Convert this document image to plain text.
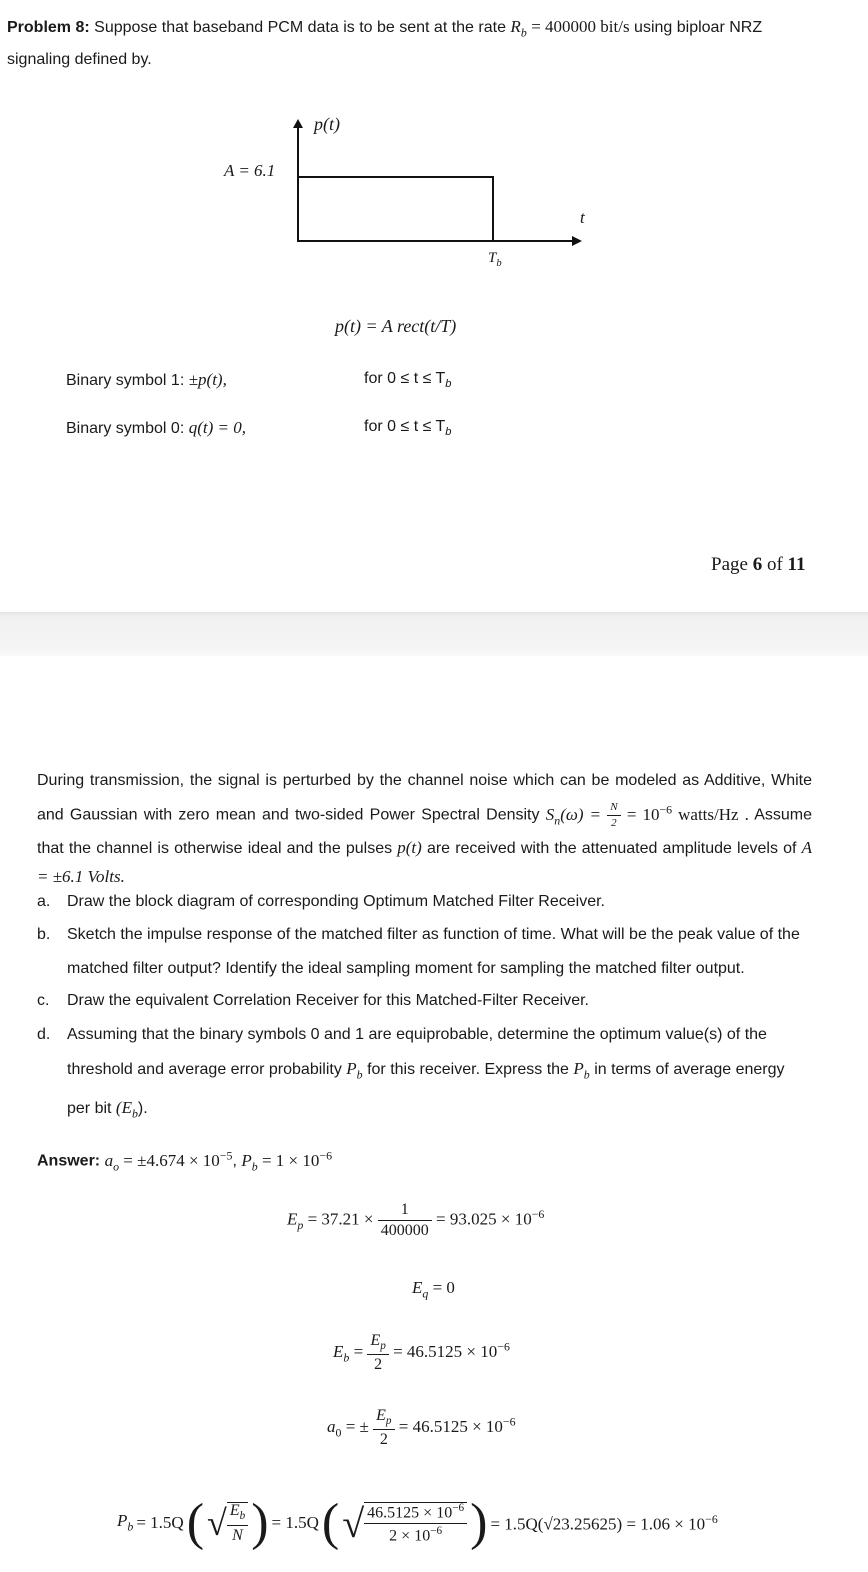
Problem 8: Suppose that baseband PCM data is to be sent at the rate $R_b = 400000$ bit/s using biploar NRZ
signaling defined by.
p(t)
A = 6.1
t
$T_b$
p(t) = A rect(t/T)
Binary symbol 1: ±p(t),	for $0 \le t \le T_b$
Binary symbol 0: q(t) = 0,	for $0 \le t \le T_b$
Page 6 of 11
During transmission, the signal is perturbed by the channel noise which can be modeled as Additive, White and Gaussian with zero mean and two-sided Power Spectral Density $S_n(\omega) = \frac{N}{2} = 10^{-6}$ watts/Hz . Assume that the channel is otherwise ideal and the pulses p(t) are received with the attenuated amplitude levels of A = ±6.1 Volts.
a.	Draw the block diagram of corresponding Optimum Matched Filter Receiver.
b.	Sketch the impulse response of the matched filter as function of time. What will be the peak value of the matched filter output? Identify the ideal sampling moment for sampling the matched filter output.
c.	Draw the equivalent Correlation Receiver for this Matched-Filter Receiver.
d.	Assuming that the binary symbols 0 and 1 are equiprobable, determine the optimum value(s) of the threshold and average error probability $P_b$ for this receiver. Express the $P_b$ in terms of average energy per bit $(E_b)$.
Answer: $a_o = \pm 4.674 \times 10^{-5}$, $P_b = 1 \times 10^{-6}$
$E_p = 37.21 \times \frac{1}{400000} = 93.025 \times 10^{-6}$
$E_q = 0$
$E_b = \frac{E_p}{2} = 46.5125 \times 10^{-6}$
$a_0$ = ± $\frac{E_p}{2} = 46.5125 \times 10^{-6}$
$P_b = 1.5Q$ ( √ $\frac{E_b}{N}$ ) = 1.5Q ( √ $\frac{46.5125 \times 10^{-6}}{2 \times 10^{-6}}$ ) = $1.5Q(√23.25625) = 1.06 \times 10^{-6}$
